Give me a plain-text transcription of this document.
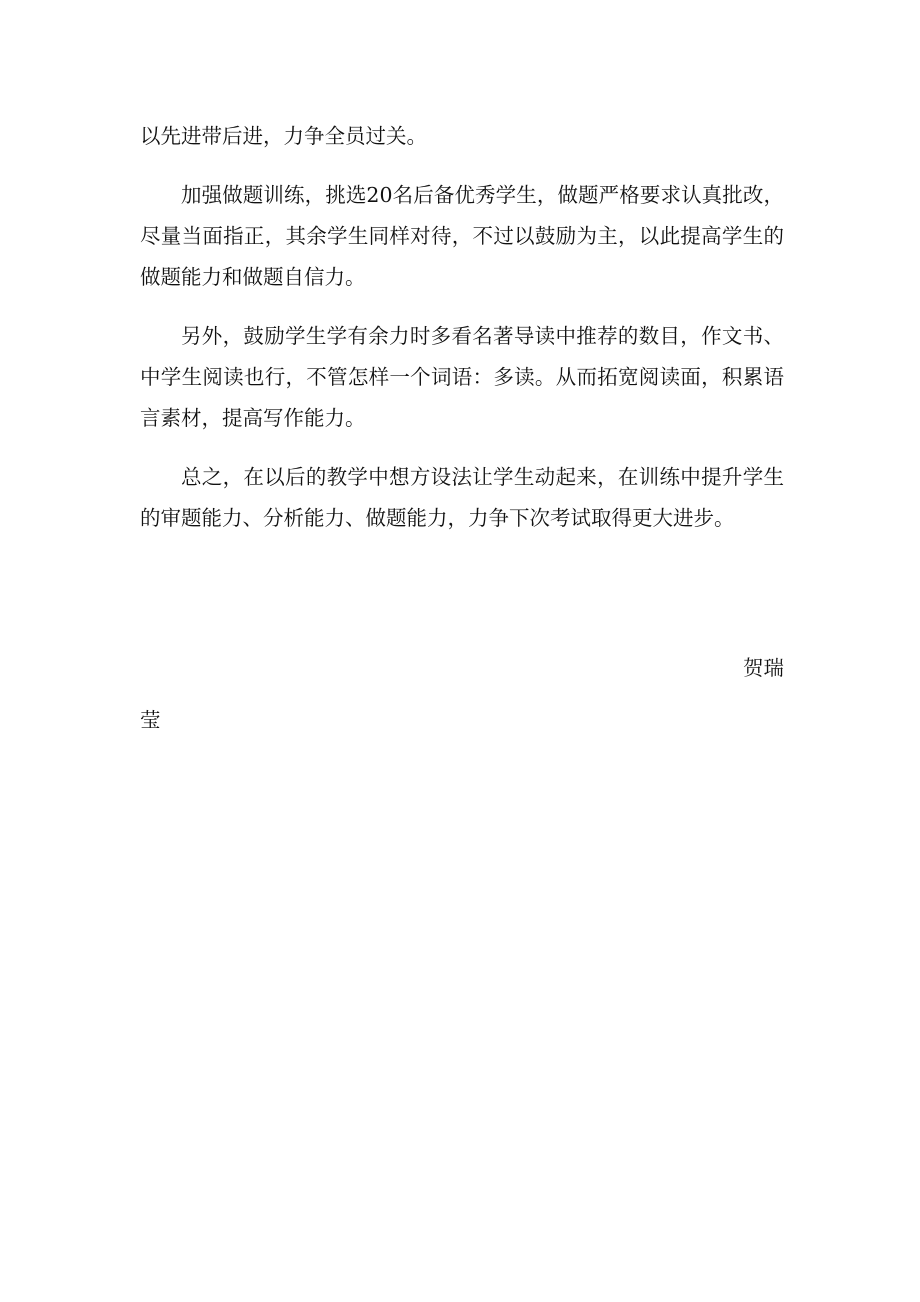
以先进带后进，力争全员过关。

加强做题训练，挑选20名后备优秀学生，做题严格要求认真批改，尽量当面指正，其余学生同样对待，不过以鼓励为主，以此提高学生的做题能力和做题自信力。

另外，鼓励学生学有余力时多看名著导读中推荐的数目，作文书、中学生阅读也行，不管怎样一个词语：多读。从而拓宽阅读面，积累语言素材，提高写作能力。

总之，在以后的教学中想方设法让学生动起来，在训练中提升学生的审题能力、分析能力、做题能力，力争下次考试取得更大进步。

贺瑞

莹
